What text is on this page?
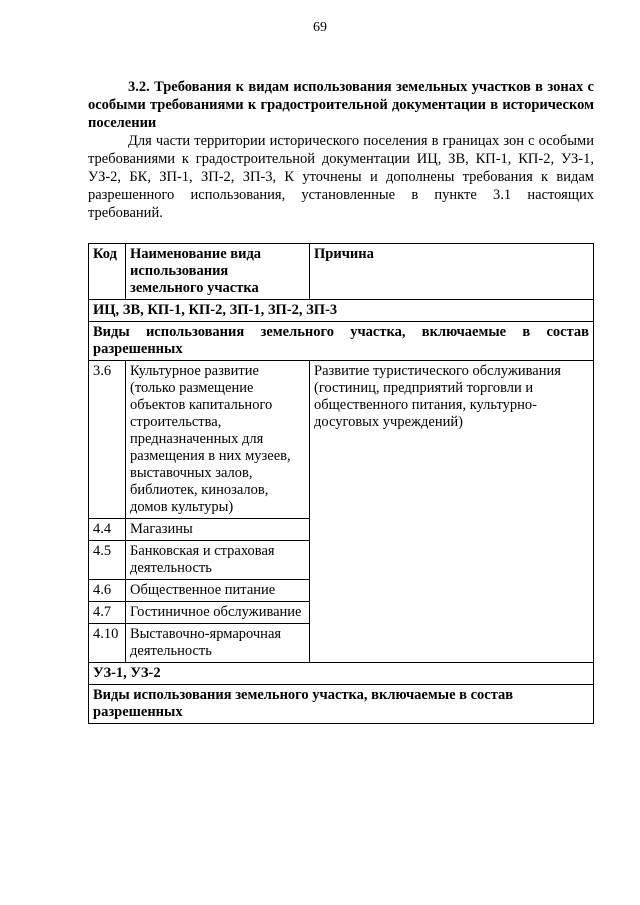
69
3.2. Требования к видам использования земельных участков в зонах с особыми требованиями к градостроительной документации в историческом поселении
Для части территории исторического поселения в границах зон с особыми требованиями к градостроительной документации ИЦ, ЗВ, КП-1, КП-2, УЗ-1, УЗ-2, БК, ЗП-1, ЗП-2, ЗП-3, К уточнены и дополнены требования к видам разрешенного использования, установленные в пункте 3.1 настоящих требований.
Код	Наименование вида использования земельного участка	Причина
ИЦ, ЗВ, КП-1, КП-2, ЗП-1, ЗП-2, ЗП-3		
Виды использования земельного участка, включаемые в состав разрешенных		
3.6	Культурное развитие (только размещение объектов капитального строительства, предназначенных для размещения в них музеев, выставочных залов, библиотек, кинозалов, домов культуры)	Развитие туристического обслуживания (гостиниц, предприятий торговли и общественного питания, культурно-досуговых учреждений)
4.4	Магазины	
4.5	Банковская и страховая деятельность	
4.6	Общественное питание	
4.7	Гостиничное обслуживание	
4.10	Выставочно-ярмарочная деятельность	
УЗ-1, УЗ-2		
Виды использования земельного участка, включаемые в состав разрешенных		
